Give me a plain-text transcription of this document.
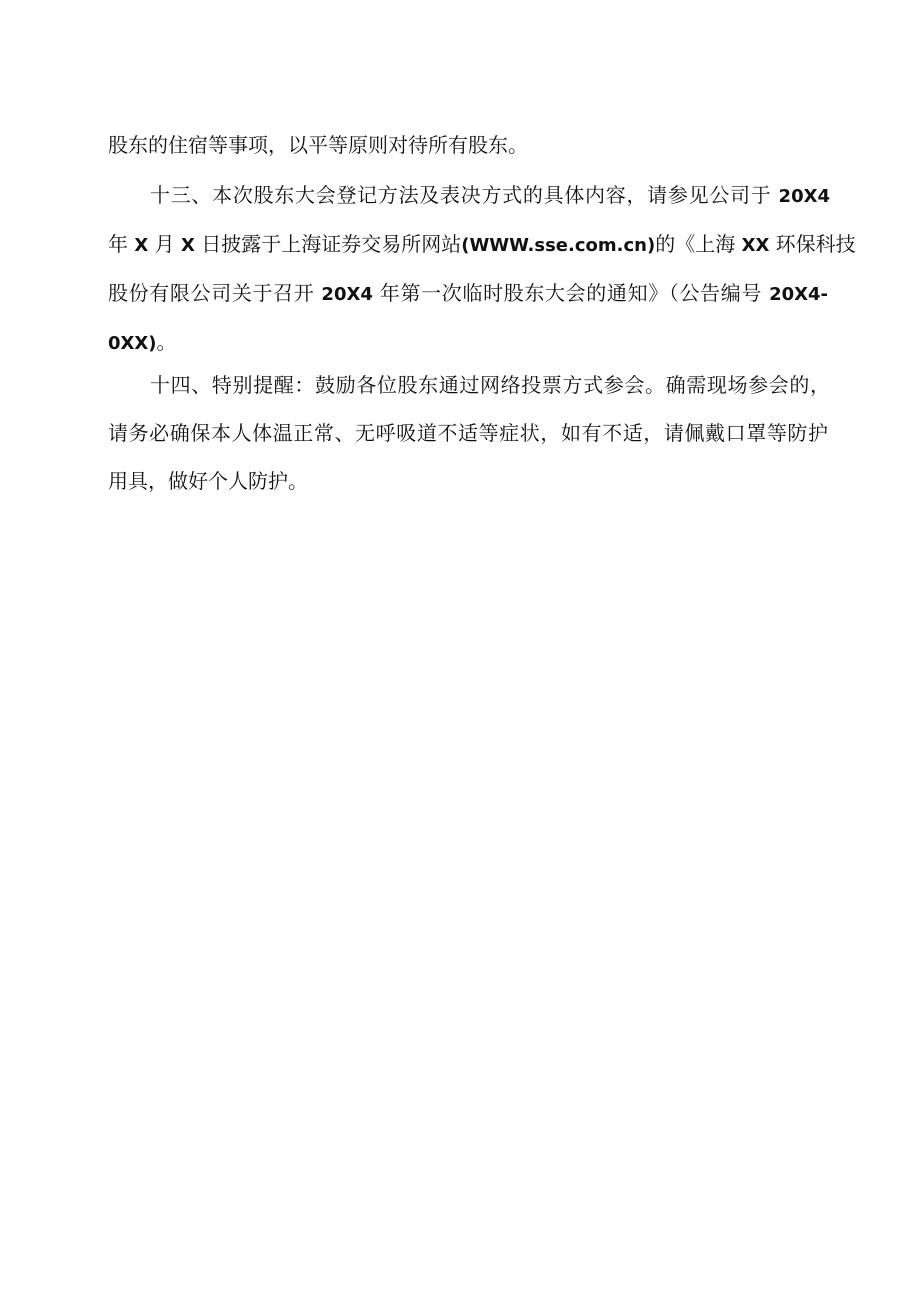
股东的住宿等事项，以平等原则对待所有股东。
十三、本次股东大会登记方法及表决方式的具体内容，请参见公司于 20X4
年 X 月 X 日披露于上海证券交易所网站(WWW.sse.com.cn)的《上海 XX 环保科技
股份有限公司关于召开 20X4 年第一次临时股东大会的通知》（公告编号 20X4-
0XX)。
十四、特别提醒：鼓励各位股东通过网络投票方式参会。确需现场参会的，
请务必确保本人体温正常、无呼吸道不适等症状，如有不适，请佩戴口罩等防护
用具，做好个人防护。
